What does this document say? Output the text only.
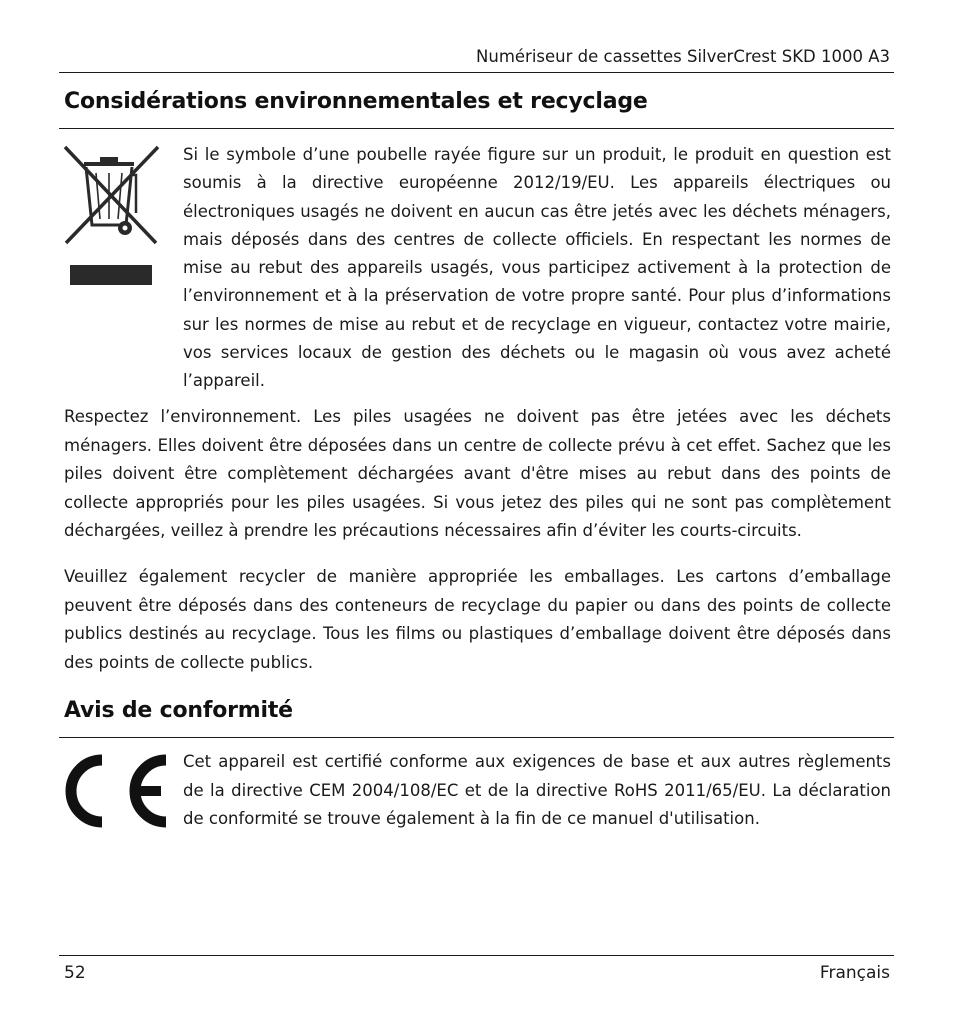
Numériseur de cassettes SilverCrest SKD 1000 A3
Considérations environnementales et recyclage

Si le symbole d’une poubelle rayée figure sur un produit, le produit en question est soumis à la directive européenne 2012/19/EU. Les appareils électriques ou électroniques usagés ne doivent en aucun cas être jetés avec les déchets ménagers, mais déposés dans des centres de collecte officiels. En respectant les normes de mise au rebut des appareils usagés, vous participez activement à la protection de l’environnement et à la préservation de votre propre santé. Pour plus d’informations sur les normes de mise au rebut et de recyclage en vigueur, contactez votre mairie, vos services locaux de gestion des déchets ou le magasin où vous avez acheté l’appareil.

Respectez l’environnement. Les piles usagées ne doivent pas être jetées avec les déchets ménagers. Elles doivent être déposées dans un centre de collecte prévu à cet effet. Sachez que les piles doivent être complètement déchargées avant d'être mises au rebut dans des points de collecte appropriés pour les piles usagées. Si vous jetez des piles qui ne sont pas complètement déchargées, veillez à prendre les précautions nécessaires afin d’éviter les courts-circuits.

Veuillez également recycler de manière appropriée les emballages. Les cartons d’emballage peuvent être déposés dans des conteneurs de recyclage du papier ou dans des points de collecte publics destinés au recyclage. Tous les films ou plastiques d’emballage doivent être déposés dans des points de collecte publics.

Avis de conformité

Cet appareil est certifié conforme aux exigences de base et aux autres règlements de la directive CEM 2004/108/EC et de la directive RoHS 2011/65/EU. La déclaration de conformité se trouve également à la fin de ce manuel d'utilisation.

52	Français
